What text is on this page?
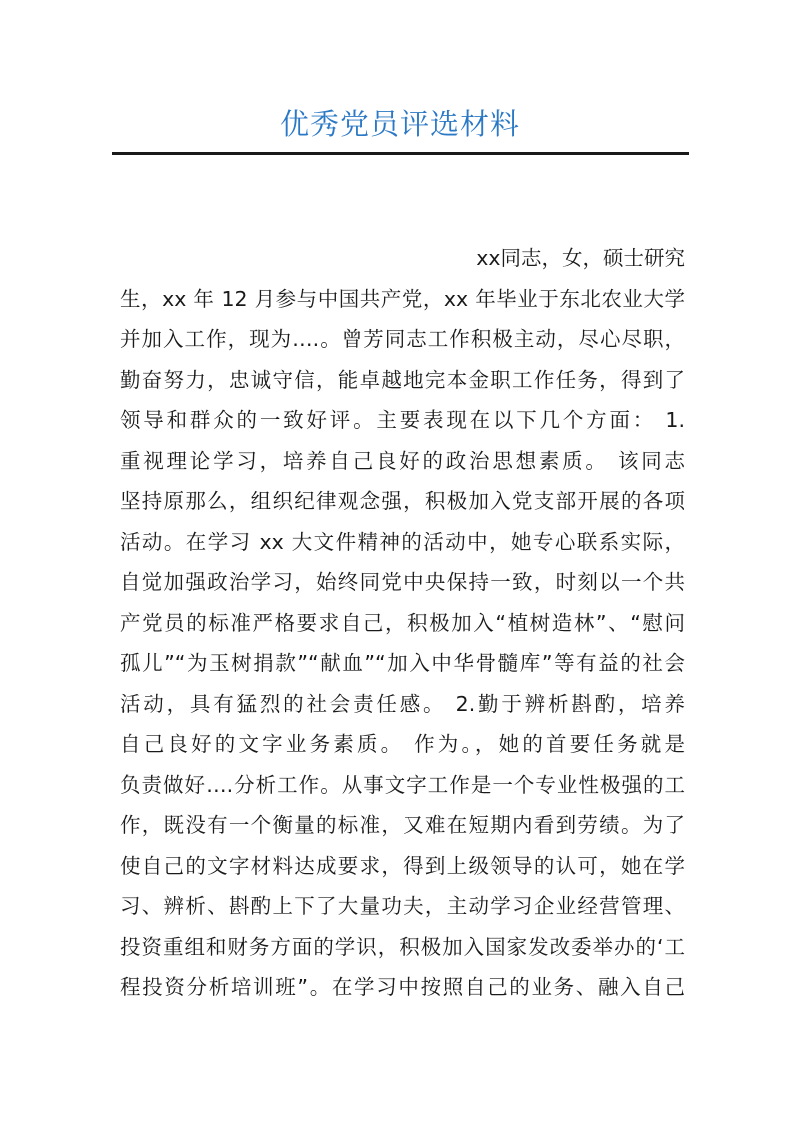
优秀党员评选材料
xx同志，女，硕士研究
生，xx 年 12 月参与中国共产党，xx 年毕业于东北农业大学
并加入工作，现为….。曾芳同志工作积极主动，尽心尽职，
勤奋努力，忠诚守信，能卓越地完本金职工作任务，得到了
领导和群众的一致好评。主要表现在以下几个方面： 1.
重视理论学习，培养自己良好的政治思想素质。 该同志
坚持原那么，组织纪律观念强，积极加入党支部开展的各项
活动。在学习 xx 大文件精神的活动中，她专心联系实际，
自觉加强政治学习，始终同党中央保持一致，时刻以一个共
产党员的标准严格要求自己，积极加入“植树造林”、“慰问
孤儿”“为玉树捐款”“献血”“加入中华骨髓库”等有益的社会
活动，具有猛烈的社会责任感。 2.勤于辨析斟酌，培养
自己良好的文字业务素质。 作为。，她的首要任务就是
负责做好….分析工作。从事文字工作是一个专业性极强的工
作，既没有一个衡量的标准，又难在短期内看到劳绩。为了
使自己的文字材料达成要求，得到上级领导的认可，她在学
习、辨析、斟酌上下了大量功夫，主动学习企业经营管理、
投资重组和财务方面的学识，积极加入国家发改委举办的‘工
程投资分析培训班”。在学习中按照自己的业务、融入自己
